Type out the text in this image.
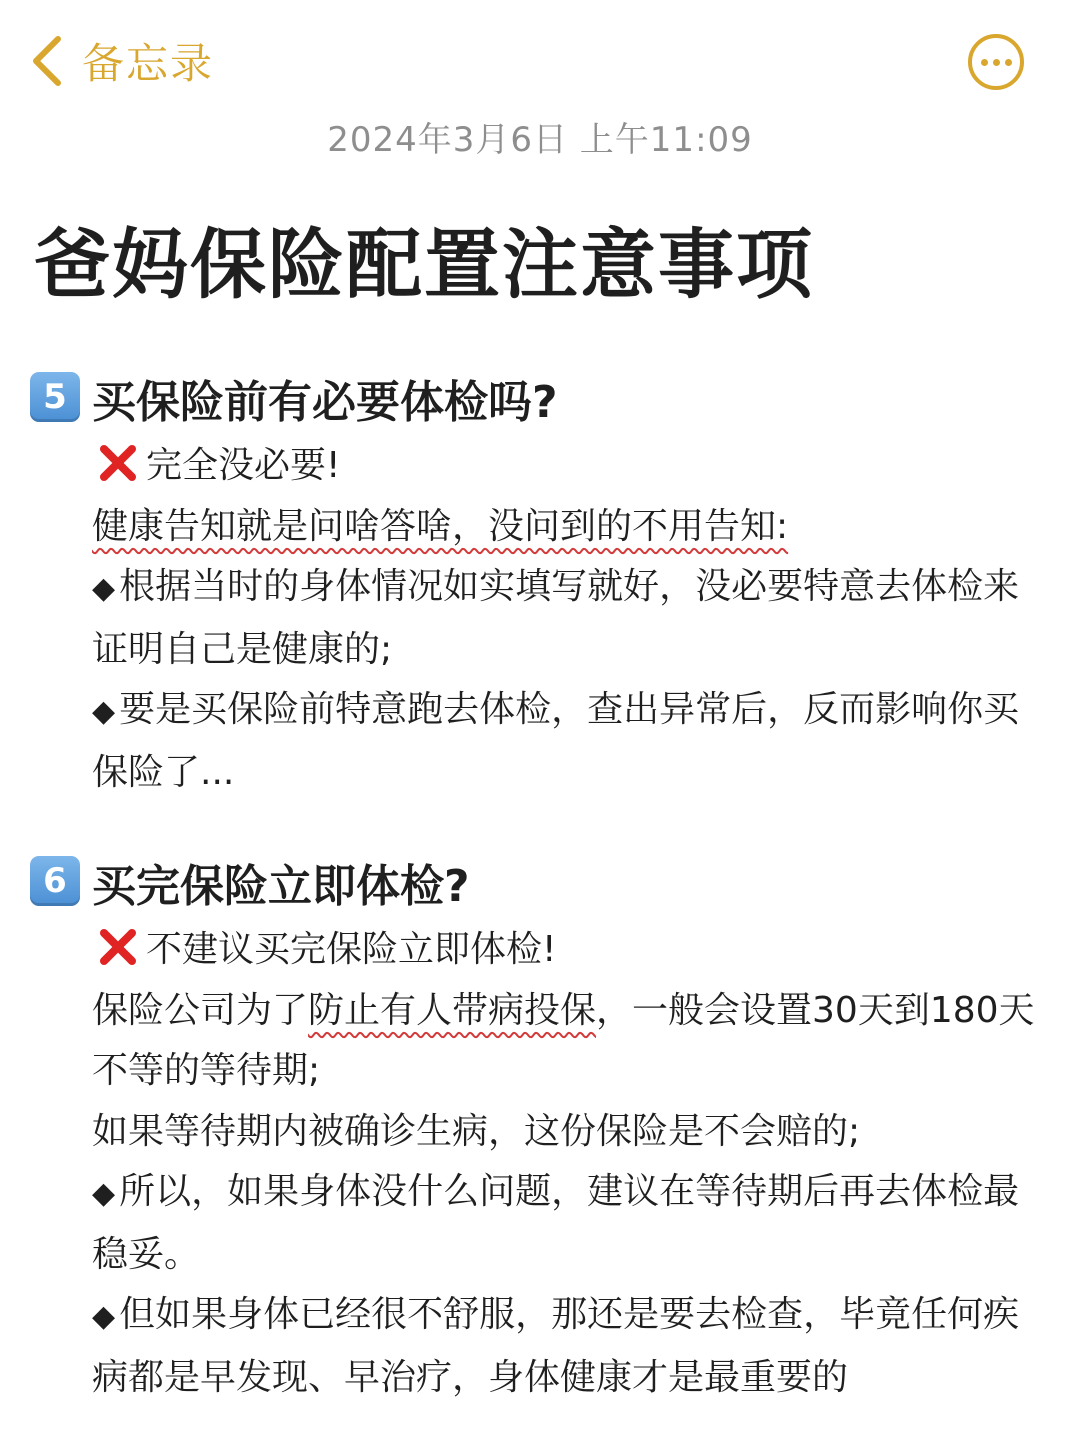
备忘录
2024年3月6日 上午11:09
爸妈保险配置注意事项
5 买保险前有必要体检吗?
完全没必要!
健康告知就是问啥答啥，没问到的不用告知:
◆ 根据当时的身体情况如实填写就好，没必要特意去体检来证明自己是健康的;
◆ 要是买保险前特意跑去体检，查出异常后，反而影响你买保险了...
6 买完保险立即体检?
不建议买完保险立即体检!
保险公司为了防止有人带病投保，一般会设置30天到180天不等的等待期;
如果等待期内被确诊生病，这份保险是不会赔的;
◆ 所以，如果身体没什么问题，建议在等待期后再去体检最稳妥。
◆ 但如果身体已经很不舒服，那还是要去检查，毕竟任何疾病都是早发现、早治疗，身体健康才是最重要的
